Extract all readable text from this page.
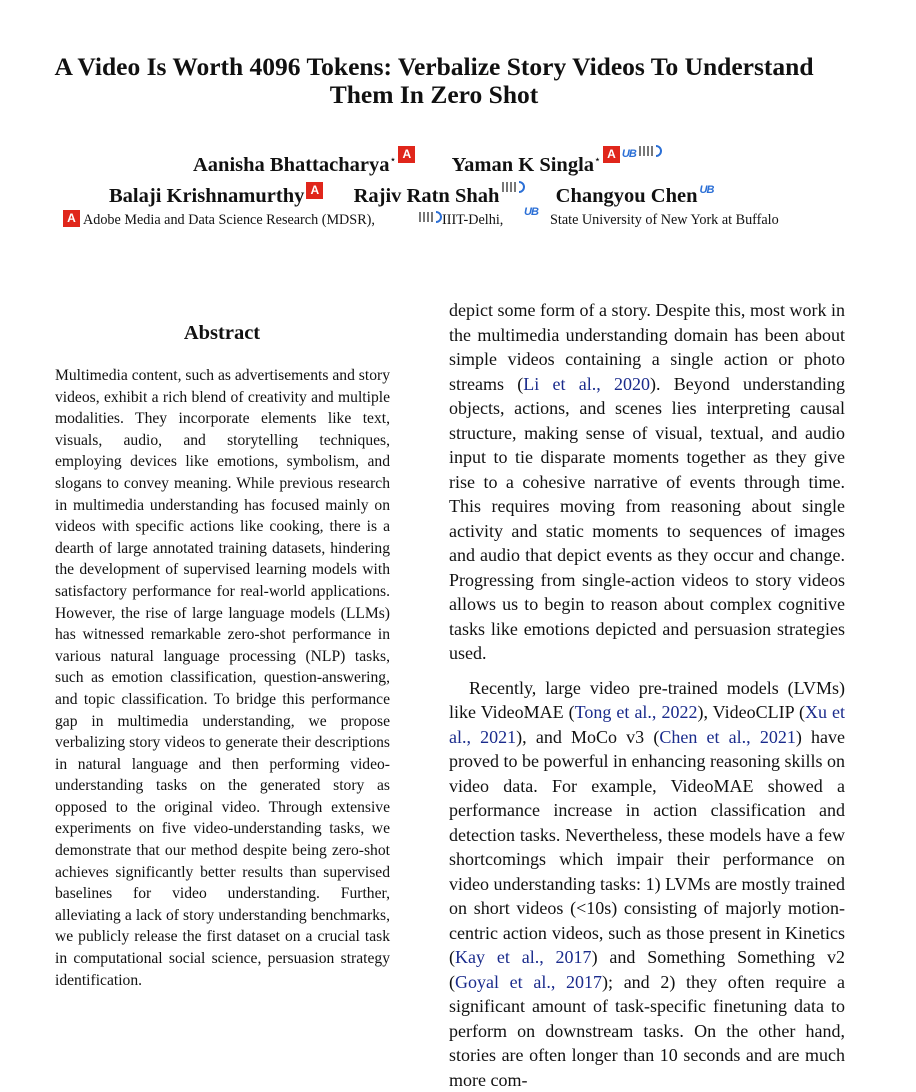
A Video Is Worth 4096 Tokens: Verbalize Story Videos To Understand
Them In Zero Shot
Aanisha Bhattacharya⋆ A Yaman K Singla⋆ A UB
Balaji Krishnamurthy A Rajiv Ratn Shah	Changyou Chen UB
A Adobe Media and Data Science Research (MDSR),	IIIT-Delhi, UB State University of New York at Buffalo
Abstract
Multimedia content, such as advertisements and story videos, exhibit a rich blend of creativity and multiple modalities. They incorporate elements like text, visuals, audio, and storytelling techniques, employing devices like emotions, symbolism, and slogans to convey meaning. While previous research in multimedia understanding has focused mainly on videos with specific actions like cooking, there is a dearth of large annotated training datasets, hindering the development of supervised learning models with satisfactory performance for real-world applications. However, the rise of large language models (LLMs) has witnessed remarkable zero-shot performance in various natural language processing (NLP) tasks, such as emotion classification, question-answering, and topic classification. To bridge this performance gap in multimedia understanding, we propose verbalizing story videos to generate their descriptions in natural language and then performing video-understanding tasks on the generated story as opposed to the original video. Through extensive experiments on five video-understanding tasks, we demonstrate that our method despite being zero-shot achieves significantly better results than supervised baselines for video understanding. Further, alleviating a lack of story understanding benchmarks, we publicly release the first dataset on a crucial task in computational social science, persuasion strategy identification.

depict some form of a story. Despite this, most work in the multimedia understanding domain has been about simple videos containing a single action or photo streams (Li et al., 2020). Beyond understanding objects, actions, and scenes lies interpreting causal structure, making sense of visual, textual, and audio input to tie disparate moments together as they give rise to a cohesive narrative of events through time. This requires moving from reasoning about single activity and static moments to sequences of images and audio that depict events as they occur and change. Progressing from single-action videos to story videos allows us to begin to reason about complex cognitive tasks like emotions depicted and persuasion strategies used.

Recently, large video pre-trained models (LVMs) like VideoMAE (Tong et al., 2022), VideoCLIP (Xu et al., 2021), and MoCo v3 (Chen et al., 2021) have proved to be powerful in enhancing reasoning skills on video data. For example, VideoMAE showed a performance increase in action classification and detection tasks. Nevertheless, these models have a few shortcomings which impair their performance on video understanding tasks: 1) LVMs are mostly trained on short videos (<10s) consisting of majorly motion-centric action videos, such as those present in Kinetics (Kay et al., 2017) and Something Something v2 (Goyal et al., 2017); and 2) they often require a significant amount of task-specific finetuning data to perform on downstream tasks. On the other hand, stories are often longer than 10 seconds and are much more com-
